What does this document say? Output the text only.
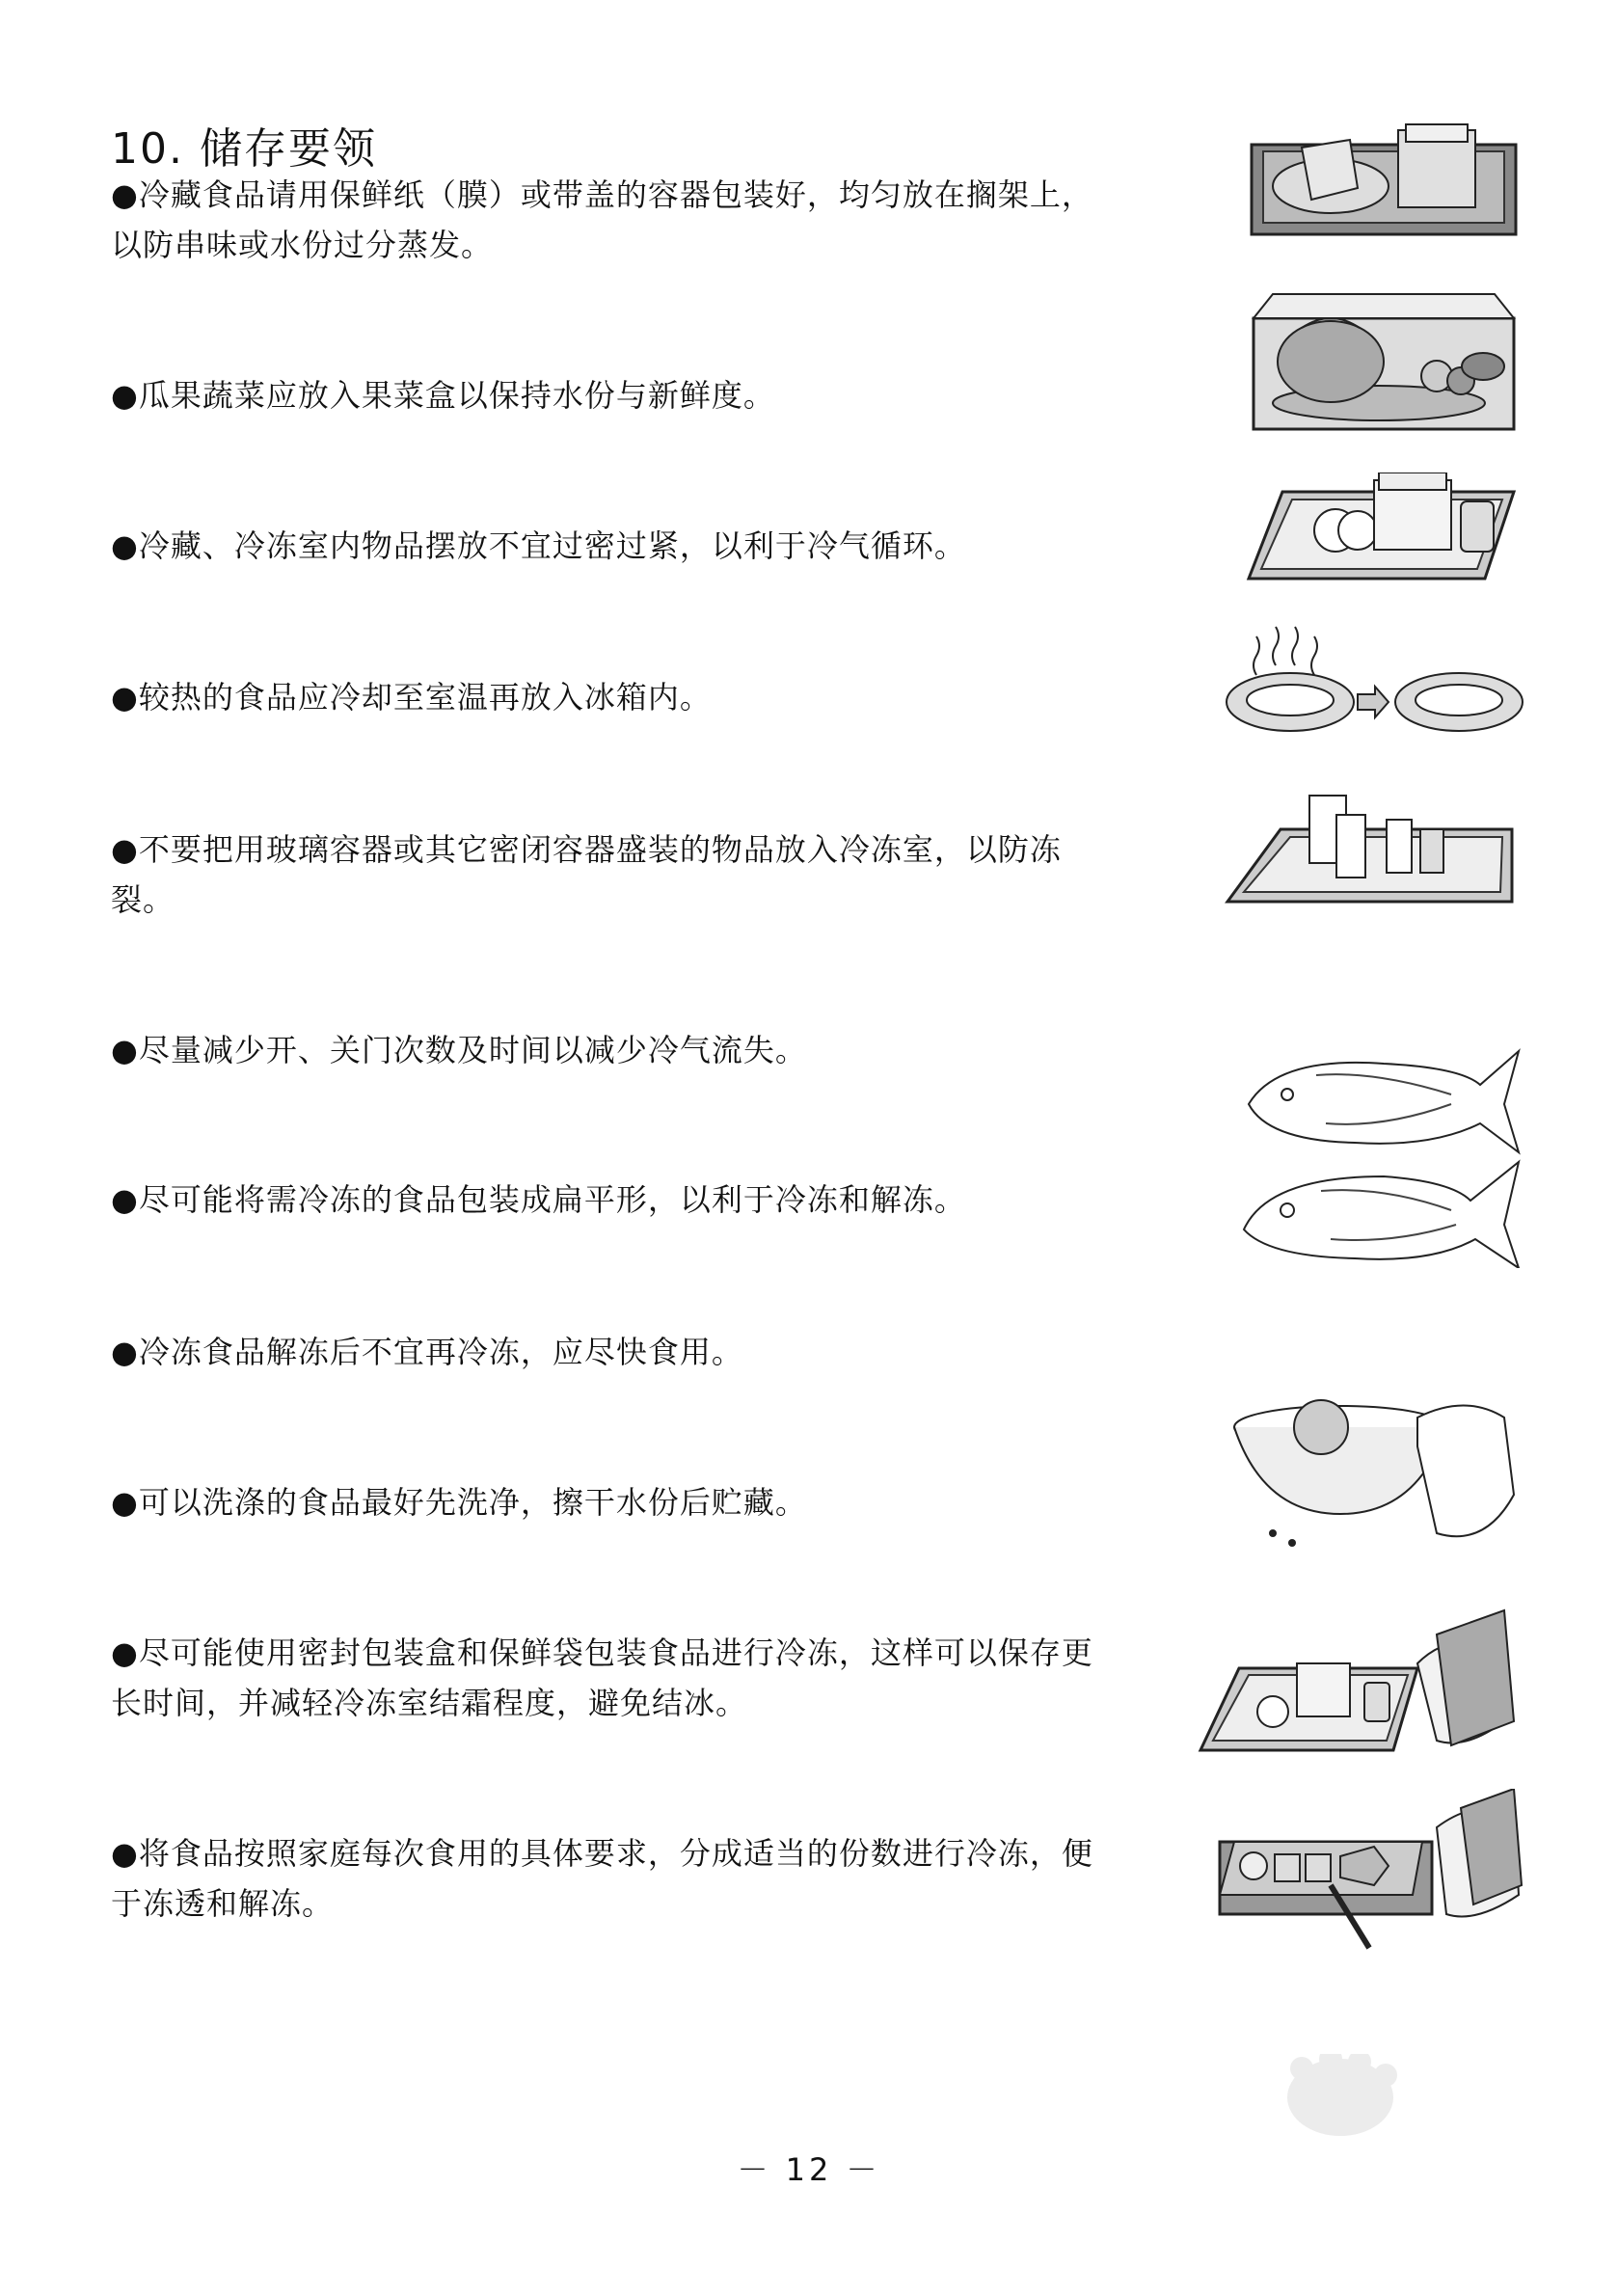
10. 储存要领
●冷藏食品请用保鲜纸（膜）或带盖的容器包装好，均匀放在搁架上，以防串味或水份过分蒸发。
●瓜果蔬菜应放入果菜盒以保持水份与新鲜度。
●冷藏、冷冻室内物品摆放不宜过密过紧，以利于冷气循环。
●较热的食品应冷却至室温再放入冰箱内。
●不要把用玻璃容器或其它密闭容器盛装的物品放入冷冻室，以防冻裂。
●尽量减少开、关门次数及时间以减少冷气流失。
●尽可能将需冷冻的食品包装成扁平形，以利于冷冻和解冻。
●冷冻食品解冻后不宜再冷冻，应尽快食用。
●可以洗涤的食品最好先洗净，擦干水份后贮藏。
●尽可能使用密封包装盒和保鲜袋包装食品进行冷冻，这样可以保存更长时间，并减轻冷冻室结霜程度，避免结冰。
●将食品按照家庭每次食用的具体要求，分成适当的份数进行冷冻，便于冻透和解冻。
－ 12 －
